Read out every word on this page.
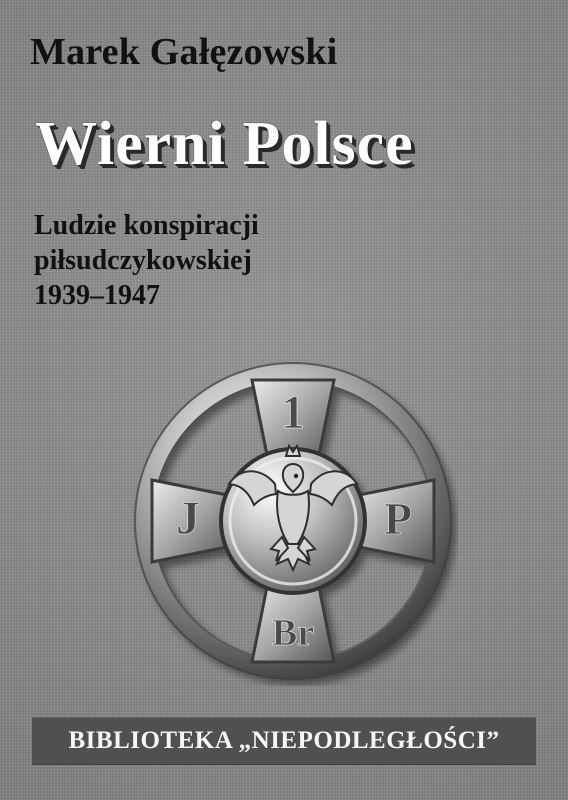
Marek Gałęzowski
Wierni Polsce
Ludzie konspiracji
piłsudczykowskiej
1939–1947
1
J	P
Br
BIBLIOTEKA „NIEPODLEGŁOŚCI”
